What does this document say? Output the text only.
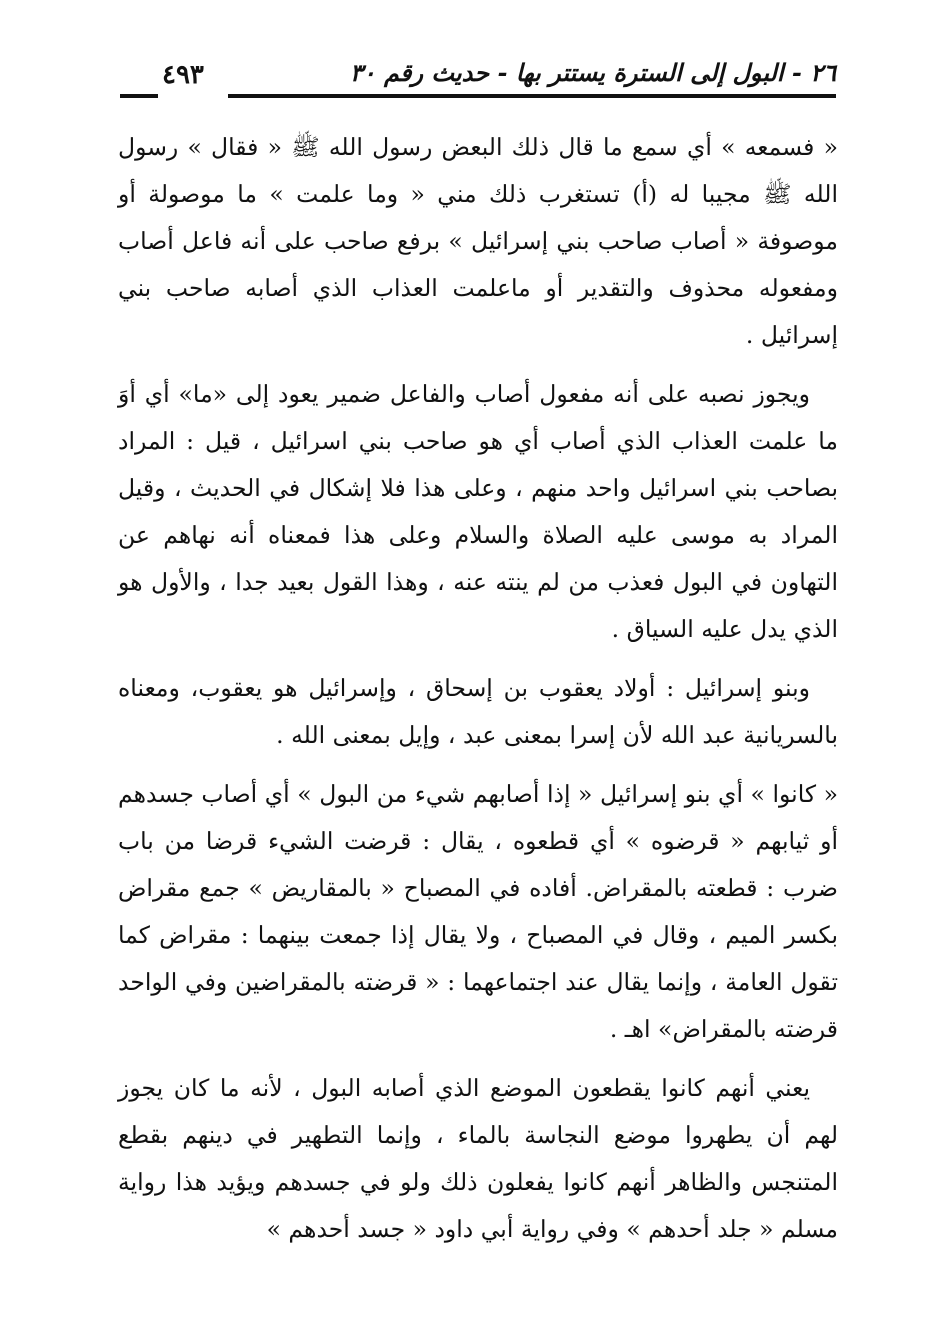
٢٦ - البول إلى السترة يستتر بها - حديث رقم ٣٠
٤٩٣

« فسمعه » أي سمع ما قال ذلك البعض رسول الله ﷺ « فقال » رسول الله ﷺ مجيبا له (أ) تستغرب ذلك مني « وما علمت » ما موصولة أو موصوفة « أصاب صاحب بني إسرائيل » برفع صاحب على أنه فاعل أصاب ومفعوله محذوف والتقدير أو ماعلمت العذاب الذي أصابه صاحب بني إسرائيل .

ويجوز نصبه على أنه مفعول أصاب والفاعل ضمير يعود إلى «ما» أي أوَ ما علمت العذاب الذي أصاب أي هو صاحب بني اسرائيل ، قيل : المراد بصاحب بني اسرائيل واحد منهم ، وعلى هذا فلا إشكال في الحديث ، وقيل المراد به موسى عليه الصلاة والسلام وعلى هذا فمعناه أنه نهاهم عن التهاون في البول فعذب من لم ينته عنه ، وهذا القول بعيد جدا ، والأول هو الذي يدل عليه السياق .

وبنو إسرائيل : أولاد يعقوب بن إسحاق ، وإسرائيل هو يعقوب، ومعناه بالسريانية عبد الله لأن إسرا بمعنى عبد ، وإيل بمعنى الله .

« كانوا » أي بنو إسرائيل « إذا أصابهم شيء من البول » أي أصاب جسدهم أو ثيابهم « قرضوه » أي قطعوه ، يقال : قرضت الشيء قرضا من باب ضرب : قطعته بالمقراض. أفاده في المصباح « بالمقاريض » جمع مقراض بكسر الميم ، وقال في المصباح ، ولا يقال إذا جمعت بينهما : مقراض كما تقول العامة ، وإنما يقال عند اجتماعهما : « قرضته بالمقراضين وفي الواحد قرضته بالمقراض» اهـ .

يعني أنهم كانوا يقطعون الموضع الذي أصابه البول ، لأنه ما كان يجوز لهم أن يطهروا موضع النجاسة بالماء ، وإنما التطهير في دينهم بقطع المتنجس والظاهر أنهم كانوا يفعلون ذلك ولو في جسدهم ويؤيد هذا رواية مسلم « جلد أحدهم » وفي رواية أبي داود « جسد أحدهم »
